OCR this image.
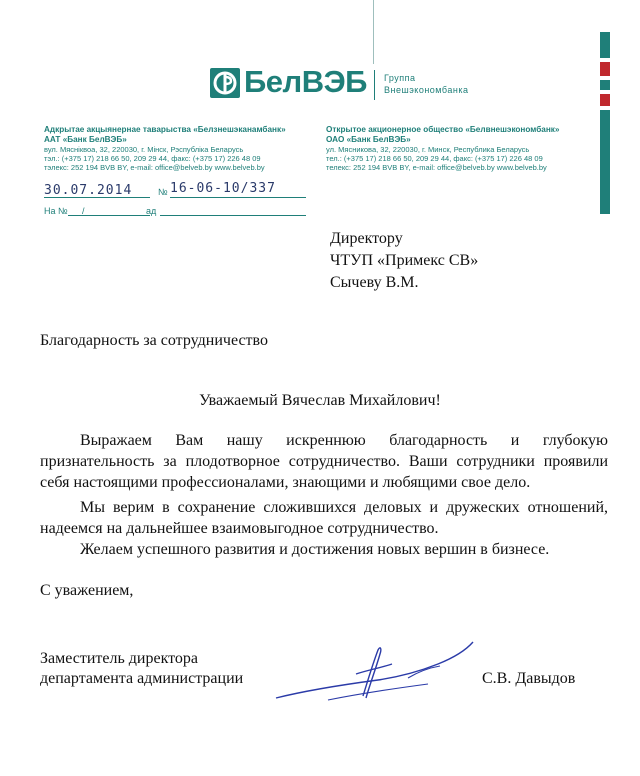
БелВЭБ Группа
Внешэкономбанка
Адкрытае акцыянернае таварыства «Белзнешэканамбанк»
ААТ «Банк БелВЭБ»
вул. Мясніквоа, 32, 220030, г. Мінск, Рэспубліка Беларусь
тэл.: (+375 17) 218 66 50, 209 29 44, факс: (+375 17) 226 48 09
тэлекс: 252 194 BVB BY, e-mail: office@belveb.by www.belveb.by
Открытое акционерное общество «Белвнешэкономбанк»
ОАО «Банк БелВЭБ»
ул. Мясникова, 32, 220030, г. Минск, Республика Беларусь
тел.: (+375 17) 218 66 50, 209 29 44, факс: (+375 17) 226 48 09
телекс: 252 194 BVB BY, e-mail: office@belveb.by www.belveb.by
№
30.07.2014	16-06-10/337
На № /	ад
Директору
ЧТУП «Примекс СВ»
Сычеву В.М.
Благодарность за сотрудничество
Уважаемый Вячеслав Михайлович!
Выражаем Вам нашу искреннюю благодарность и глубокую признательность за плодотворное сотрудничество. Ваши сотрудники проявили себя настоящими профессионалами, знающими и любящими свое дело.
Мы верим в сохранение сложившихся деловых и дружеских отношений, надеемся на дальнейшее взаимовыгодное сотрудничество.
Желаем успешного развития и достижения новых вершин в бизнесе.
С уважением,
Заместитель директора
департамента администрации	С.В. Давыдов
